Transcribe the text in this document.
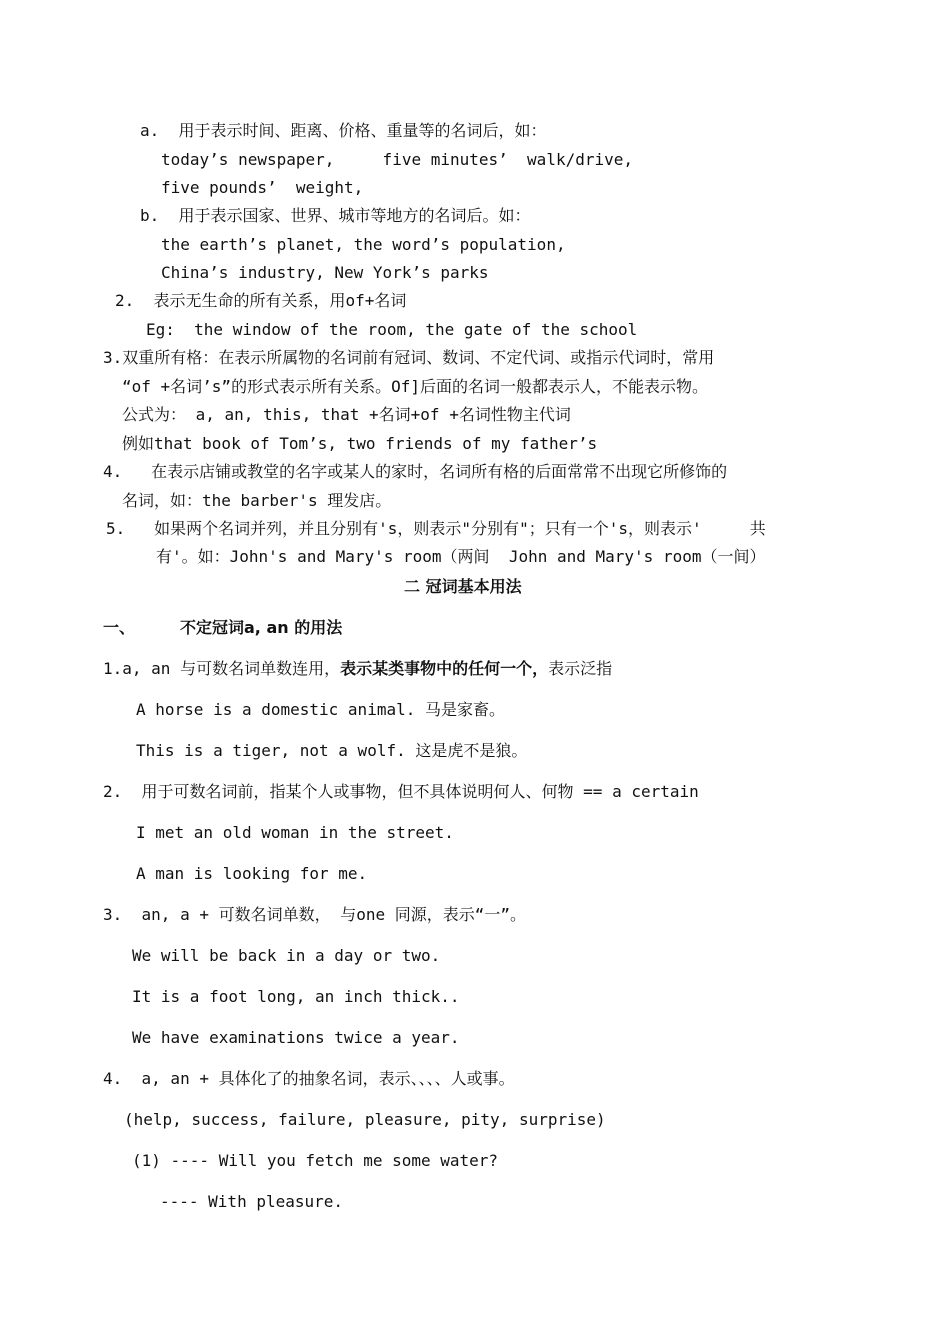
a.  用于表示时间、距离、价格、重量等的名词后，如：
today’s newspaper,     five minutes’  walk/drive,
five pounds’  weight,
b.  用于表示国家、世界、城市等地方的名词后。如：
the earth’s planet, the word’s population,
China’s industry, New York’s parks
2.  表示无生命的所有关系，用of+名词
Eg:  the window of the room, the gate of the school
3.双重所有格：在表示所属物的名词前有冠词、数词、不定代词、或指示代词时，常用
“of +名词’s”的形式表示所有关系。Of]后面的名词一般都表示人，不能表示物。
公式为： a, an, this, that +名词+of +名词性物主代词
例如that book of Tom’s, two friends of my father’s
4.   在表示店铺或教堂的名字或某人的家时，名词所有格的后面常常不出现它所修饰的
名词，如：the barber's 理发店。
5.   如果两个名词并列，并且分别有's，则表示"分别有"；只有一个's，则表示'     共
有'。如：John's and Mary's room（两间  John and Mary's room（一间）
二 冠词基本用法
一、	不定冠词a, an 的用法
1.a, an 与可数名词单数连用，表示某类事物中的任何一个，表示泛指
A horse is a domestic animal. 马是家畜。
This is a tiger, not a wolf. 这是虎不是狼。
2.  用于可数名词前，指某个人或事物，但不具体说明何人、何物 == a certain
I met an old woman in the street.
A man is looking for me.
3.  an, a + 可数名词单数， 与one 同源，表示“一”。
We will be back in a day or two.
It is a foot long, an inch thick..
We have examinations twice a year.
4.  a, an + 具体化了的抽象名词，表示、、、、人或事。
(help, success, failure, pleasure, pity, surprise)
(1) ---- Will you fetch me some water?
---- With pleasure.
